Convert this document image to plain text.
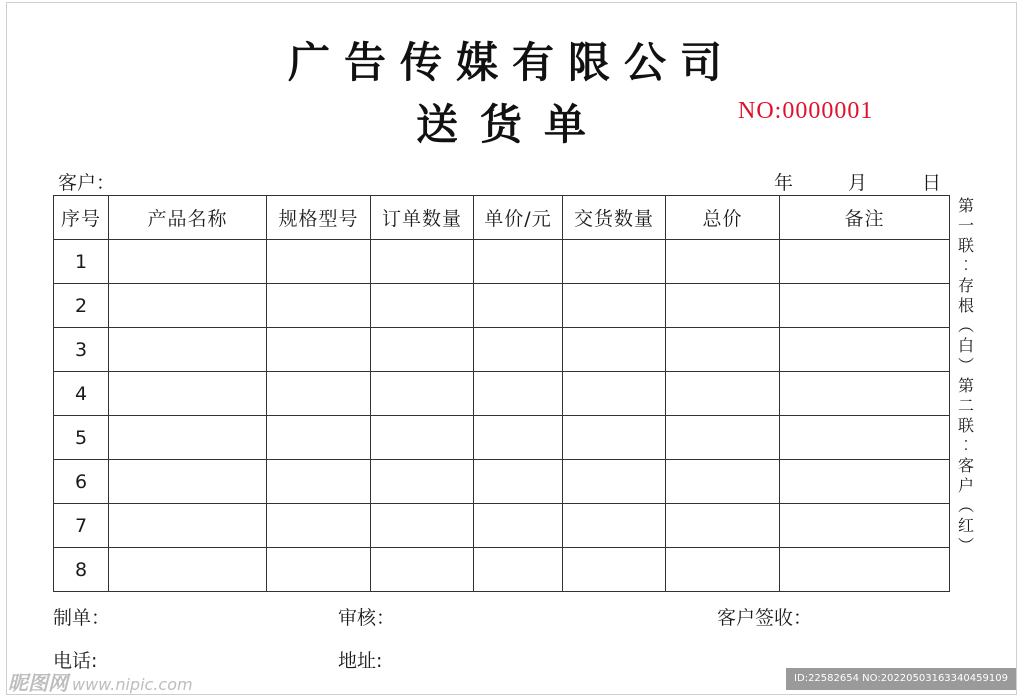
广告传媒有限公司
送货单	NO:0000001
客户：	年	月	日
序号	产品名称	规格型号	订单数量	单价/元	交货数量	总价	备注
1							
2							
3							
4							
5							
6							
7							
8							
第
一
联
︰
存
根
︵
白
︶
第
二
联
︰
客
户
︵
红
︶
制单：	审核：	客户签收：
电话:	地址:
昵图网 www.nipic.com	ID:22582654 NO:20220503163340459109
